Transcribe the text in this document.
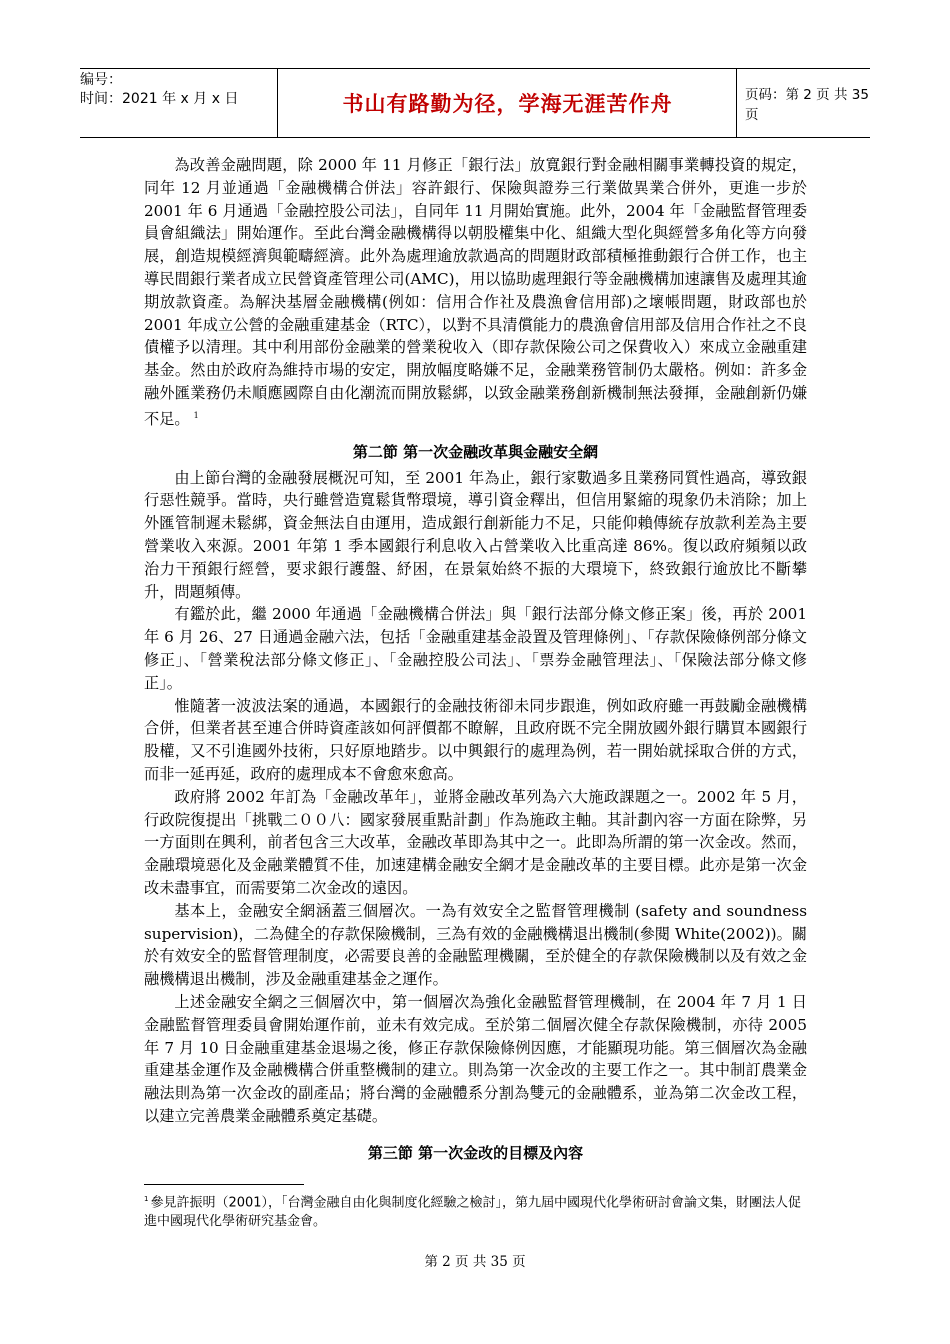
编号：
时间：2021 年 x 月 x 日	书山有路勤为径，学海无涯苦作舟	页码：第 2 页 共 35 页

為改善金融問題，除 2000 年 11 月修正「銀行法」放寬銀行對金融相關事業轉投資的規定，同年 12 月並通過「金融機構合併法」容許銀行、保險與證券三行業做異業合併外，更進一步於 2001 年 6 月通過「金融控股公司法」，自同年 11 月開始實施。此外，2004 年「金融監督管理委員會組織法」開始運作。至此台灣金融機構得以朝股權集中化、組織大型化與經營多角化等方向發展，創造規模經濟與範疇經濟。此外為處理逾放款過高的問題財政部積極推動銀行合併工作，也主導民間銀行業者成立民營資產管理公司(AMC)，用以協助處理銀行等金融機構加速讓售及處理其逾期放款資產。為解決基層金融機構(例如：信用合作社及農漁會信用部)之壞帳問題，財政部也於 2001 年成立公營的金融重建基金（RTC），以對不具清償能力的農漁會信用部及信用合作社之不良債權予以清理。其中利用部份金融業的營業稅收入（即存款保險公司之保費收入）來成立金融重建基金。然由於政府為維持市場的安定，開放幅度略嫌不足，金融業務管制仍太嚴格。例如：許多金融外匯業務仍未順應國際自由化潮流而開放鬆綁，以致金融業務創新機制無法發揮，金融創新仍嫌不足。 $^1$

第二節 第一次金融改革與金融安全網

由上節台灣的金融發展概況可知，至 2001 年為止，銀行家數過多且業務同質性過高，導致銀行惡性競爭。當時，央行雖營造寬鬆貨幣環境，導引資金釋出，但信用緊縮的現象仍未消除；加上外匯管制遲未鬆綁，資金無法自由運用，造成銀行創新能力不足，只能仰賴傳統存放款利差為主要營業收入來源。2001 年第 1 季本國銀行利息收入占營業收入比重高達 86%。復以政府頻頻以政治力干預銀行經營，要求銀行護盤、紓困，在景氣始終不振的大環境下，終致銀行逾放比不斷攀升，問題頻傳。

有鑑於此，繼 2000 年通過「金融機構合併法」與「銀行法部分條文修正案」後，再於 2001 年 6 月 26、27 日通過金融六法，包括「金融重建基金設置及管理條例」、「存款保險條例部分條文修正」、「營業稅法部分條文修正」、「金融控股公司法」、「票券金融管理法」、「保險法部分條文修正」。

惟隨著一波波法案的通過，本國銀行的金融技術卻未同步跟進，例如政府雖一再鼓勵金融機構合併，但業者甚至連合併時資產該如何評價都不瞭解，且政府既不完全開放國外銀行購買本國銀行股權，又不引進國外技術，只好原地踏步。以中興銀行的處理為例，若一開始就採取合併的方式，而非一延再延，政府的處理成本不會愈來愈高。

政府將 2002 年訂為「金融改革年」，並將金融改革列為六大施政課題之一。2002 年 5 月，行政院復提出「挑戰二００八：國家發展重點計劃」作為施政主軸。其計劃內容一方面在除弊，另一方面則在興利，前者包含三大改革，金融改革即為其中之一。此即為所謂的第一次金改。然而，金融環境惡化及金融業體質不佳，加速建構金融安全網才是金融改革的主要目標。此亦是第一次金改未盡事宜，而需要第二次金改的遠因。

基本上，金融安全網涵蓋三個層次。一為有效安全之監督管理機制 (safety and soundness supervision)，二為健全的存款保險機制，三為有效的金融機構退出機制(參閱 White(2002))。關於有效安全的監督管理制度，必需要良善的金融監理機關，至於健全的存款保險機制以及有效之金融機構退出機制，涉及金融重建基金之運作。

上述金融安全網之三個層次中，第一個層次為強化金融監督管理機制，在 2004 年 7 月 1 日金融監督管理委員會開始運作前，並未有效完成。至於第二個層次健全存款保險機制，亦待 2005 年 7 月 10 日金融重建基金退場之後，修正存款保險條例因應，才能顯現功能。第三個層次為金融重建基金運作及金融機構合併重整機制的建立。則為第一次金改的主要工作之一。其中制訂農業金融法則為第一次金改的副產品；將台灣的金融體系分割為雙元的金融體系，並為第二次金改工程，以建立完善農業金融體系奠定基礎。

第三節 第一次金改的目標及內容
$^1$ 參見許振明（2001），「台灣金融自由化與制度化經驗之檢討」，第九屆中國現代化學術研討會論文集，財團法人促進中國現代化學術研究基金會。
第 2 页 共 35 页
